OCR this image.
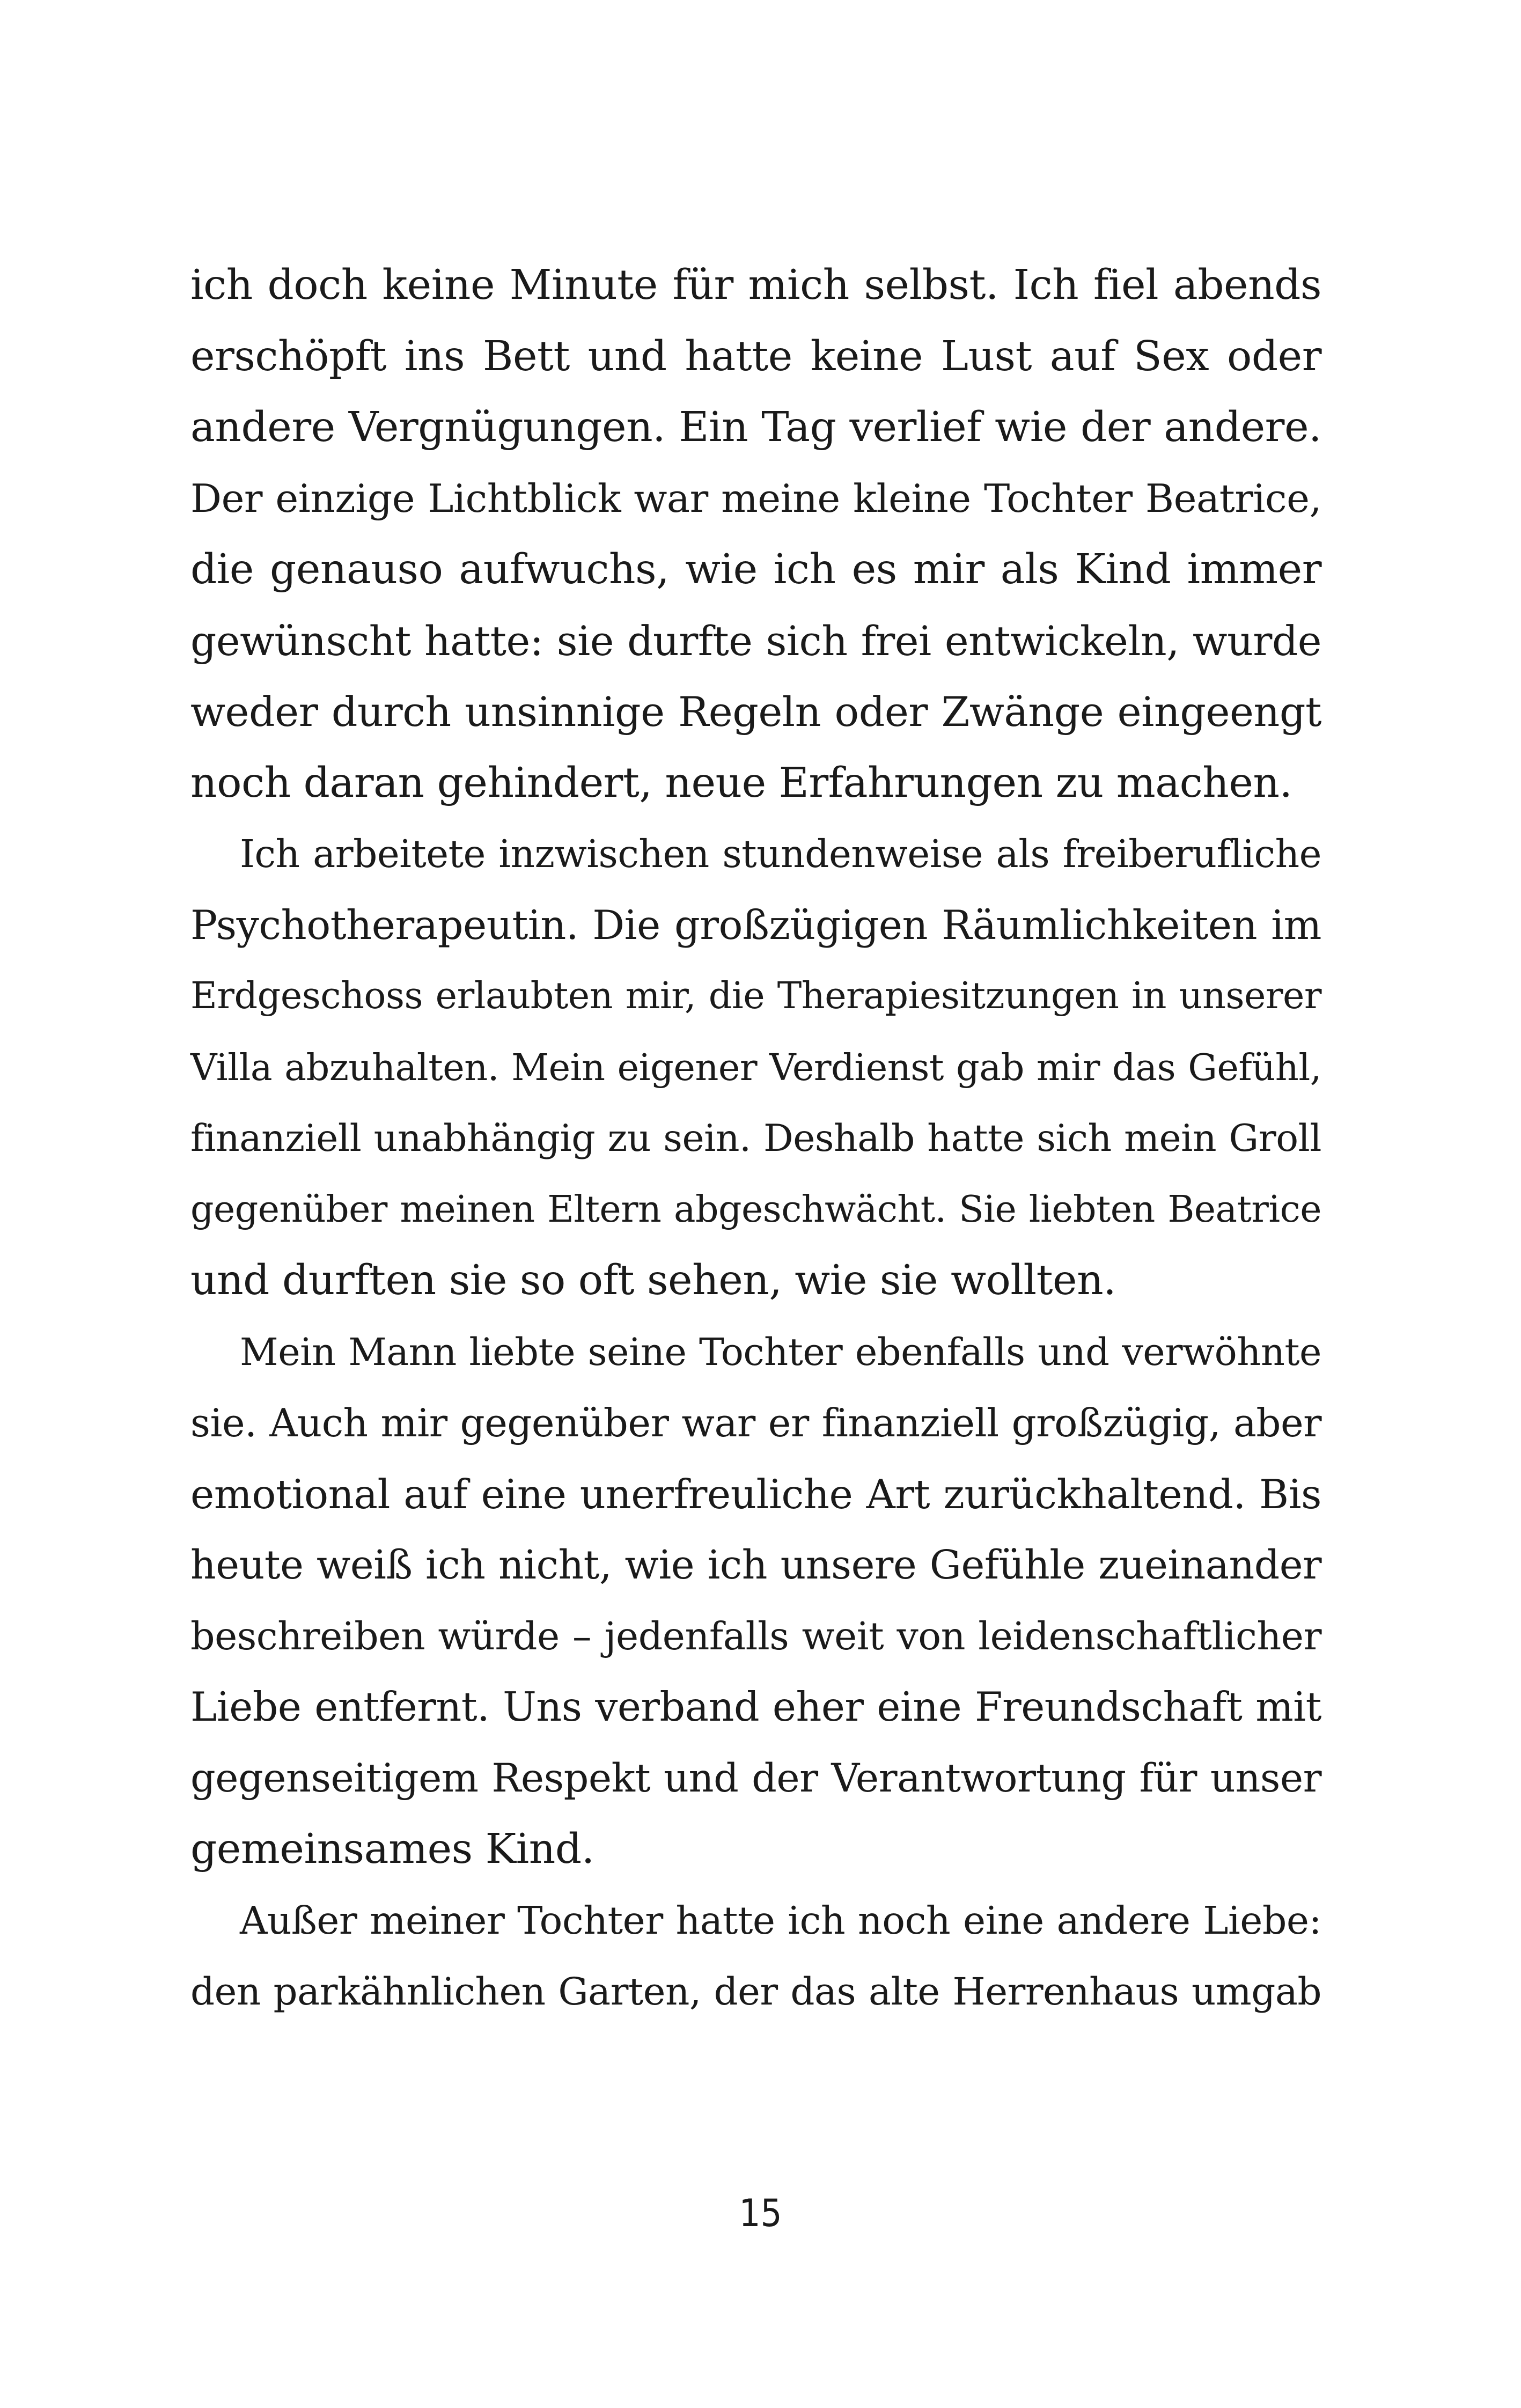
ich doch keine Minute für mich selbst. Ich fiel abends
erschöpft ins Bett und hatte keine Lust auf Sex oder
andere Vergnügungen. Ein Tag verlief wie der andere.
Der einzige Lichtblick war meine kleine Tochter Beatrice,
die genauso aufwuchs, wie ich es mir als Kind immer
gewünscht hatte: sie durfte sich frei entwickeln, wurde
weder durch unsinnige Regeln oder Zwänge eingeengt
noch daran gehindert, neue Erfahrungen zu machen.

Ich arbeitete inzwischen stundenweise als freiberufliche
Psychotherapeutin. Die großzügigen Räumlichkeiten im
Erdgeschoss erlaubten mir, die Therapiesitzungen in unserer
Villa abzuhalten. Mein eigener Verdienst gab mir das Gefühl,
finanziell unabhängig zu sein. Deshalb hatte sich mein Groll
gegenüber meinen Eltern abgeschwächt. Sie liebten Beatrice
und durften sie so oft sehen, wie sie wollten.

Mein Mann liebte seine Tochter ebenfalls und verwöhnte
sie. Auch mir gegenüber war er finanziell großzügig, aber
emotional auf eine unerfreuliche Art zurückhaltend. Bis
heute weiß ich nicht, wie ich unsere Gefühle zueinander
beschreiben würde – jedenfalls weit von leidenschaftlicher
Liebe entfernt. Uns verband eher eine Freundschaft mit
gegenseitigem Respekt und der Verantwortung für unser
gemeinsames Kind.

Außer meiner Tochter hatte ich noch eine andere Liebe:
den parkähnlichen Garten, der das alte Herrenhaus umgab

15
